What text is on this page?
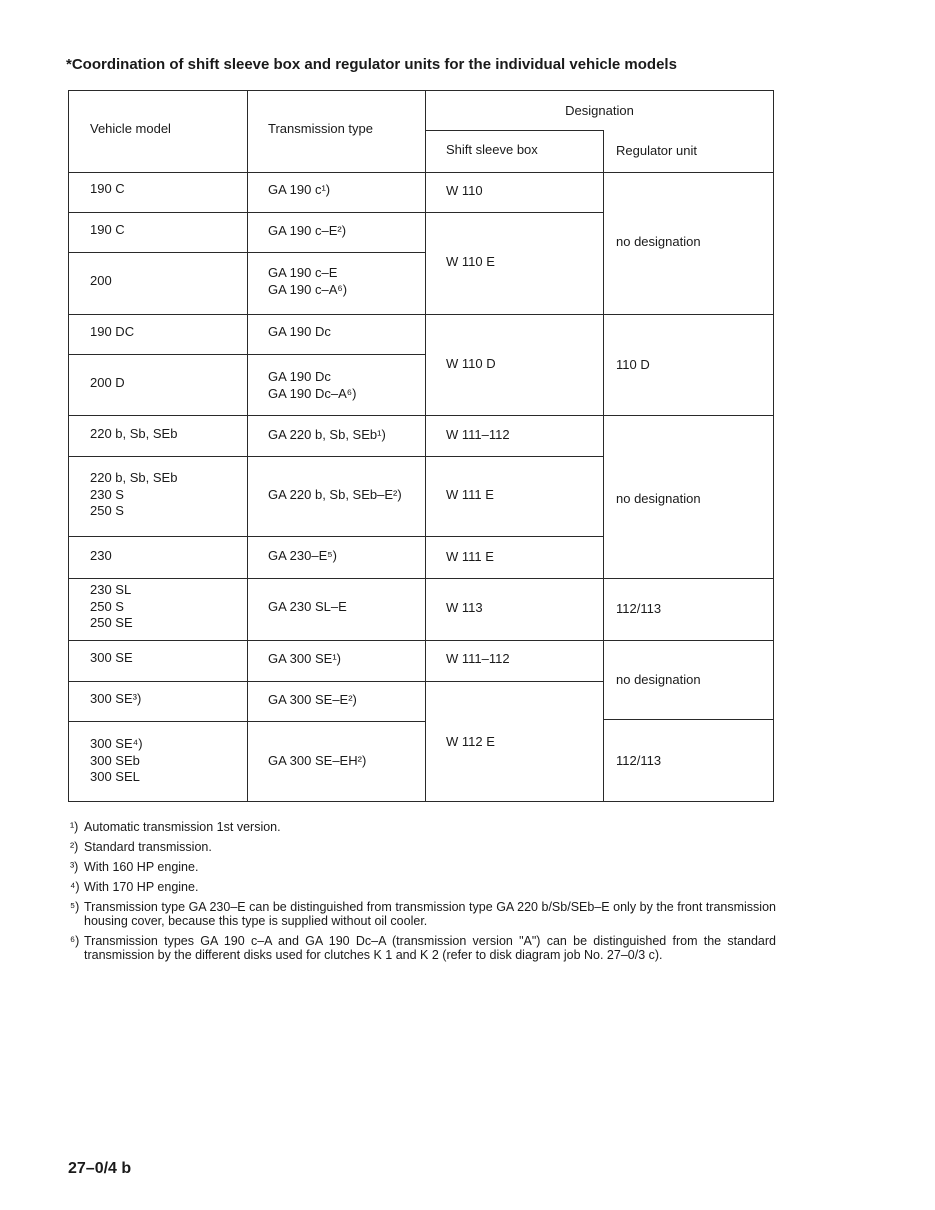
*Coordination of shift sleeve box and regulator units for the individual vehicle models
Vehicle model	Transmission type
Designation
Shift sleeve box	Regulator unit
190 C
190 C
200
190 DC
200 D
220 b, Sb, SEb
220 b, Sb, SEb
230 S
250 S
230
230 SL
250 S
250 SE
300 SE
300 SE³)
300 SE⁴)
300 SEb
300 SEL
GA 190 c¹)
GA 190 c–E²)
GA 190 c–E
GA 190 c–A⁶)
GA 190 Dc
GA 190 Dc
GA 190 Dc–A⁶)
GA 220 b, Sb, SEb¹)
GA 220 b, Sb, SEb–E²)
GA 230–E⁵)
GA 230 SL–E
GA 300 SE¹)
GA 300 SE–E²)
GA 300 SE–EH²)
W 110
W 110 E
W 110 D
W 111–112
W 111 E
W 111 E
W 113
W 111–112
W 112 E
no designation
110 D
no designation
112/113
no designation
112/113
¹) Automatic transmission 1st version.
²) Standard transmission.
³) With 160 HP engine.
⁴) With 170 HP engine.
⁵) Transmission type GA 230–E can be distinguished from transmission type GA 220 b/Sb/SEb–E only by the front transmission housing cover, because this type is supplied without oil cooler.
⁶) Transmission types GA 190 c–A and GA 190 Dc–A (transmission version "A") can be distinguished from the standard transmission by the different disks used for clutches K 1 and K 2 (refer to disk diagram job No. 27–0/3 c).
27–0/4 b
